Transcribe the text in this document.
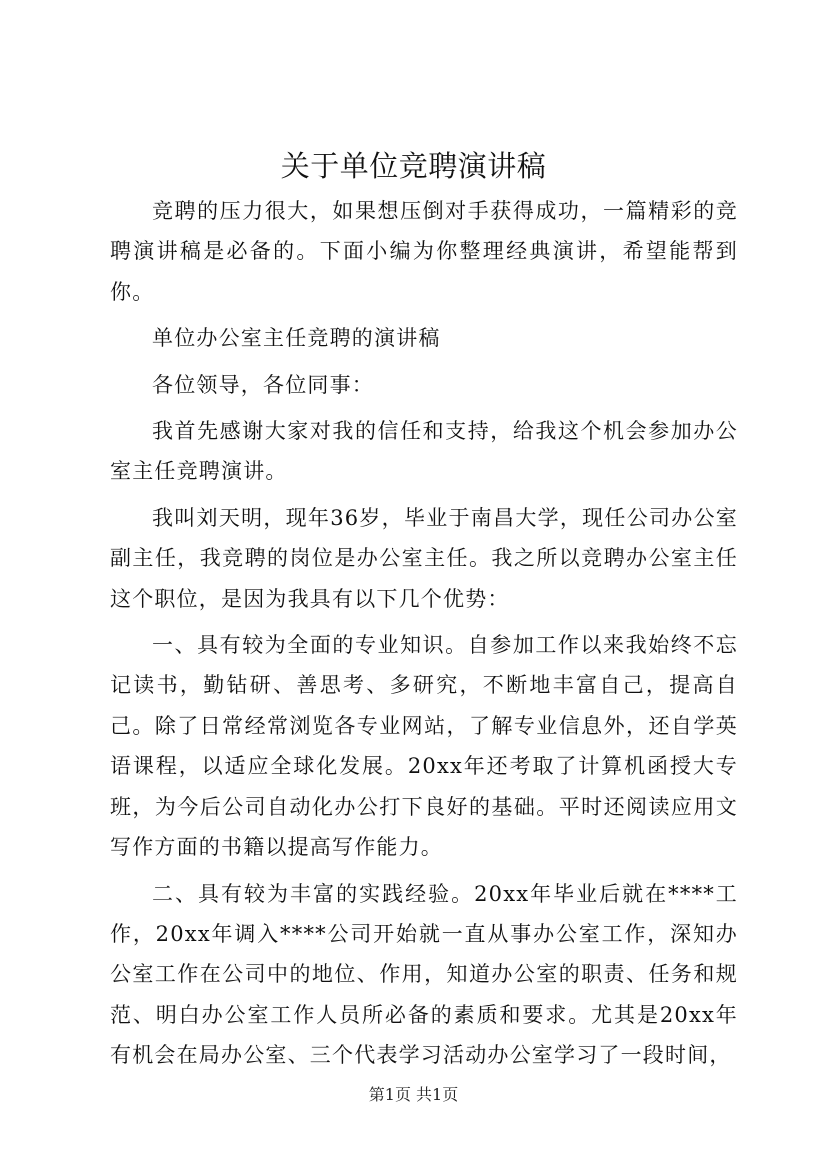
关于单位竞聘演讲稿

竞聘的压力很大，如果想压倒对手获得成功，一篇精彩的竞聘演讲稿是必备的。下面小编为你整理经典演讲，希望能帮到你。

单位办公室主任竞聘的演讲稿

各位领导，各位同事：

我首先感谢大家对我的信任和支持，给我这个机会参加办公室主任竞聘演讲。

我叫刘天明，现年36岁，毕业于南昌大学，现任公司办公室副主任，我竞聘的岗位是办公室主任。我之所以竞聘办公室主任这个职位，是因为我具有以下几个优势：

一、具有较为全面的专业知识。自参加工作以来我始终不忘记读书，勤钻研、善思考、多研究，不断地丰富自己，提高自己。除了日常经常浏览各专业网站，了解专业信息外，还自学英语课程，以适应全球化发展。20xx年还考取了计算机函授大专班，为今后公司自动化办公打下良好的基础。平时还阅读应用文写作方面的书籍以提高写作能力。

二、具有较为丰富的实践经验。20xx年毕业后就在****工作，20xx年调入****公司开始就一直从事办公室工作，深知办公室工作在公司中的地位、作用，知道办公室的职责、任务和规范、明白办公室工作人员所必备的素质和要求。尤其是20xx年有机会在局办公室、三个代表学习活动办公室学习了一段时间，

第1页 共1页
